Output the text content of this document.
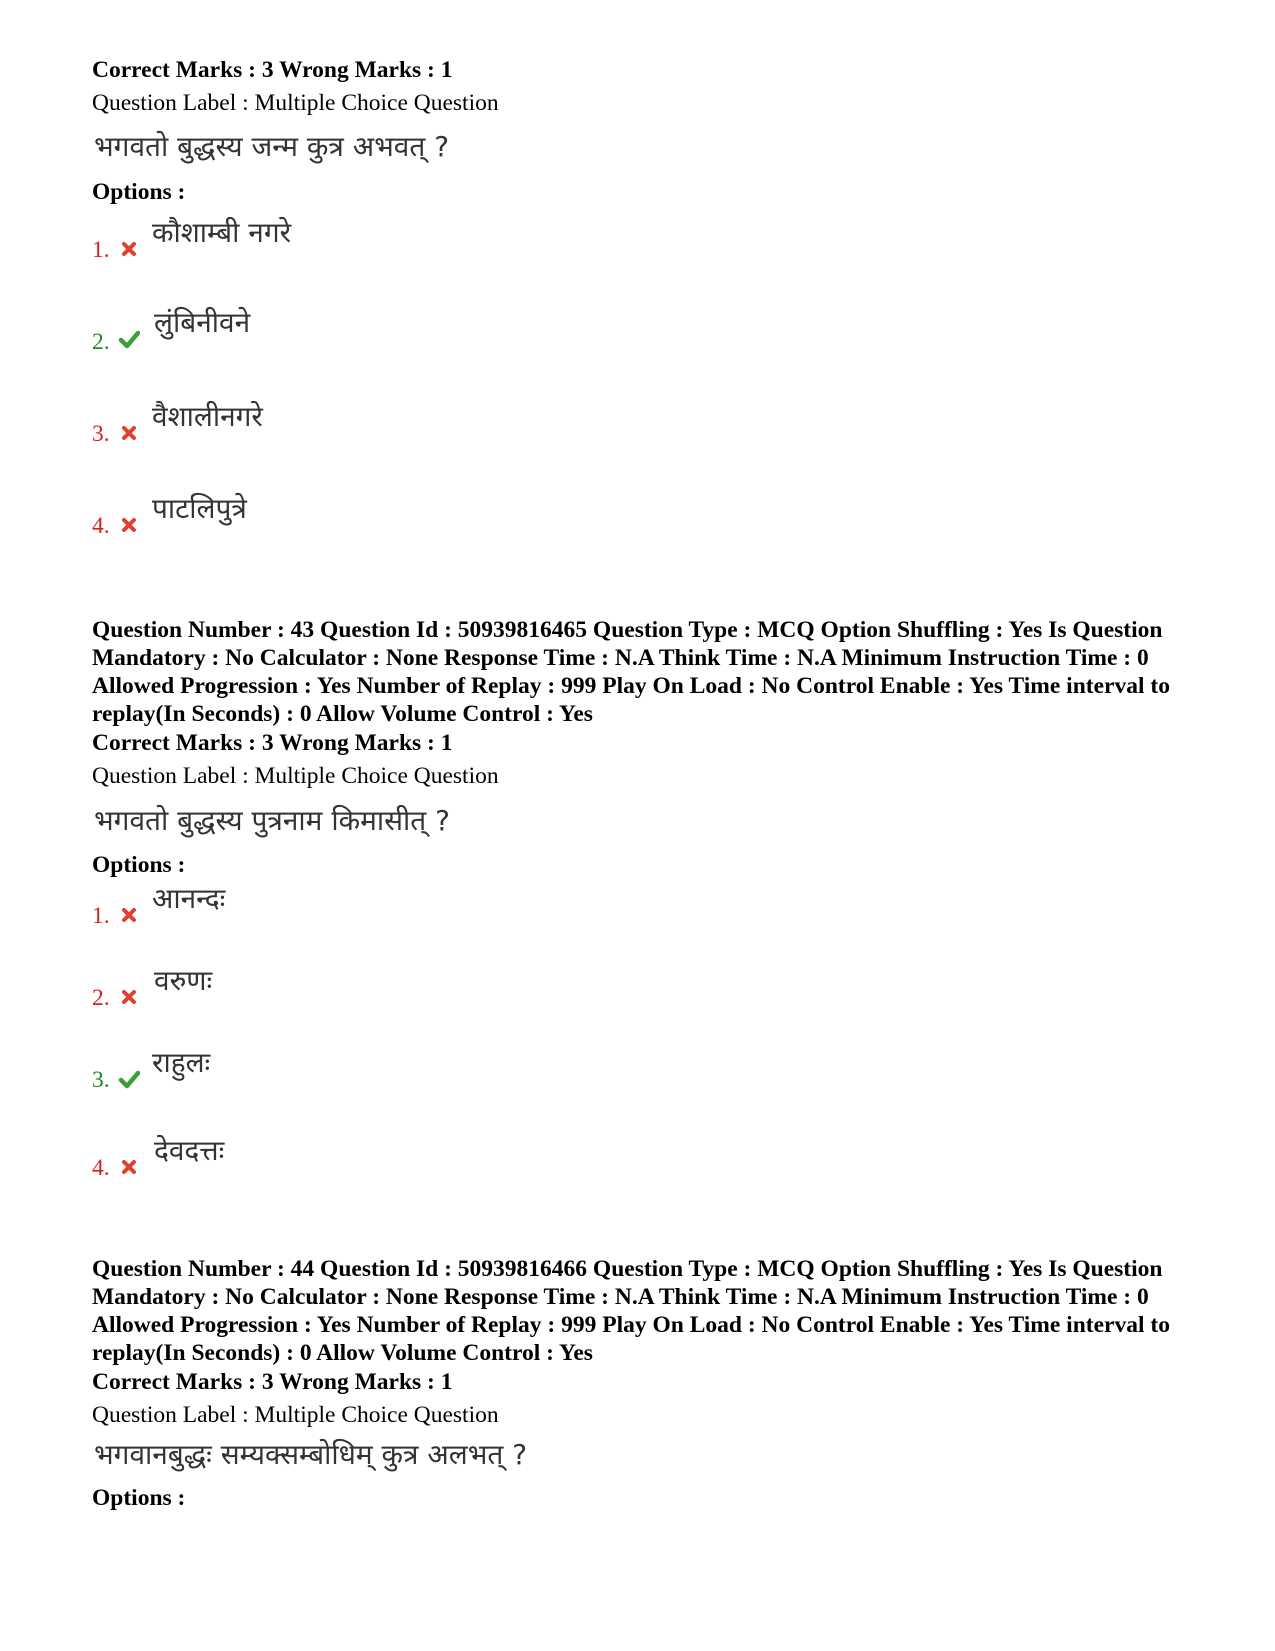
Correct Marks : 3 Wrong Marks : 1
Question Label : Multiple Choice Question
भगवतो बुद्धस्य जन्म कुत्र अभवत् ?
Options :
1.
कौशाम्बी नगरे
2.
लुंबिनीवने
3.
वैशालीनगरे
4.
पाटलिपुत्रे
Question Number : 43 Question Id : 50939816465 Question Type : MCQ Option Shuffling : Yes Is Question Mandatory : No Calculator : None Response Time : N.A Think Time : N.A Minimum Instruction Time : 0 Allowed Progression : Yes Number of Replay : 999 Play On Load : No Control Enable : Yes Time interval to replay(In Seconds) : 0 Allow Volume Control : Yes
Correct Marks : 3 Wrong Marks : 1
Question Label : Multiple Choice Question
भगवतो बुद्धस्य पुत्रनाम किमासीत् ?
Options :
1.
आनन्दः
2.
वरुणः
3.
राहुलः
4.
देवदत्तः
Question Number : 44 Question Id : 50939816466 Question Type : MCQ Option Shuffling : Yes Is Question Mandatory : No Calculator : None Response Time : N.A Think Time : N.A Minimum Instruction Time : 0 Allowed Progression : Yes Number of Replay : 999 Play On Load : No Control Enable : Yes Time interval to replay(In Seconds) : 0 Allow Volume Control : Yes
Correct Marks : 3 Wrong Marks : 1
Question Label : Multiple Choice Question
भगवानबुद्धः सम्यक्सम्बोधिम् कुत्र अलभत् ?
Options :
